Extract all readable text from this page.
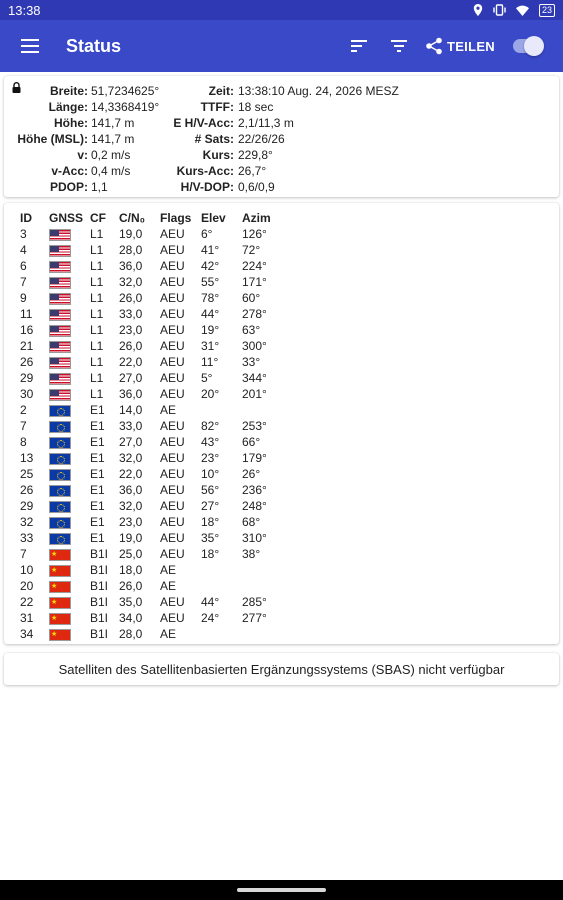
13:38	23
Status	TEILEN
Breite: 51,7234625°	Zeit: 13:38:10 Aug. 24, 2026 MESZ
Länge: 14,3368419°	TTFF: 18 sec
Höhe: 141,7 m	E H/V-Acc: 2,1/11,3 m
Höhe (MSL): 141,7 m	# Sats: 22/26/26
v: 0,2 m/s	Kurs: 229,8°
v-Acc: 0,4 m/s	Kurs-Acc: 26,7°
PDOP: 1,1	H/V-DOP: 0,6/0,9
ID	GNSS	CF	C/N₀	Flags	Elev	Azim
3		L1	19,0	AEU	6°	126°
4		L1	28,0	AEU	41°	72°
6		L1	36,0	AEU	42°	224°
7		L1	32,0	AEU	55°	171°
9		L1	26,0	AEU	78°	60°
11		L1	33,0	AEU	44°	278°
16		L1	23,0	AEU	19°	63°
21		L1	26,0	AEU	31°	300°
26		L1	22,0	AEU	11°	33°
29		L1	27,0	AEU	5°	344°
30		L1	36,0	AEU	20°	201°
2		E1	14,0	AE		
7		E1	33,0	AEU	82°	253°
8		E1	27,0	AEU	43°	66°
13		E1	32,0	AEU	23°	179°
25		E1	22,0	AEU	10°	26°
26		E1	36,0	AEU	56°	236°
29		E1	32,0	AEU	27°	248°
32		E1	23,0	AEU	18°	68°
33		E1	19,0	AEU	35°	310°
7	★	B1I	25,0	AEU	18°	38°
10	★	B1I	18,0	AE		
20	★	B1I	26,0	AE		
22	★	B1I	35,0	AEU	44°	285°
31	★	B1I	34,0	AEU	24°	277°
34	★	B1I	28,0	AE		
Satelliten des Satellitenbasierten Ergänzungssystems (SBAS) nicht verfügbar
